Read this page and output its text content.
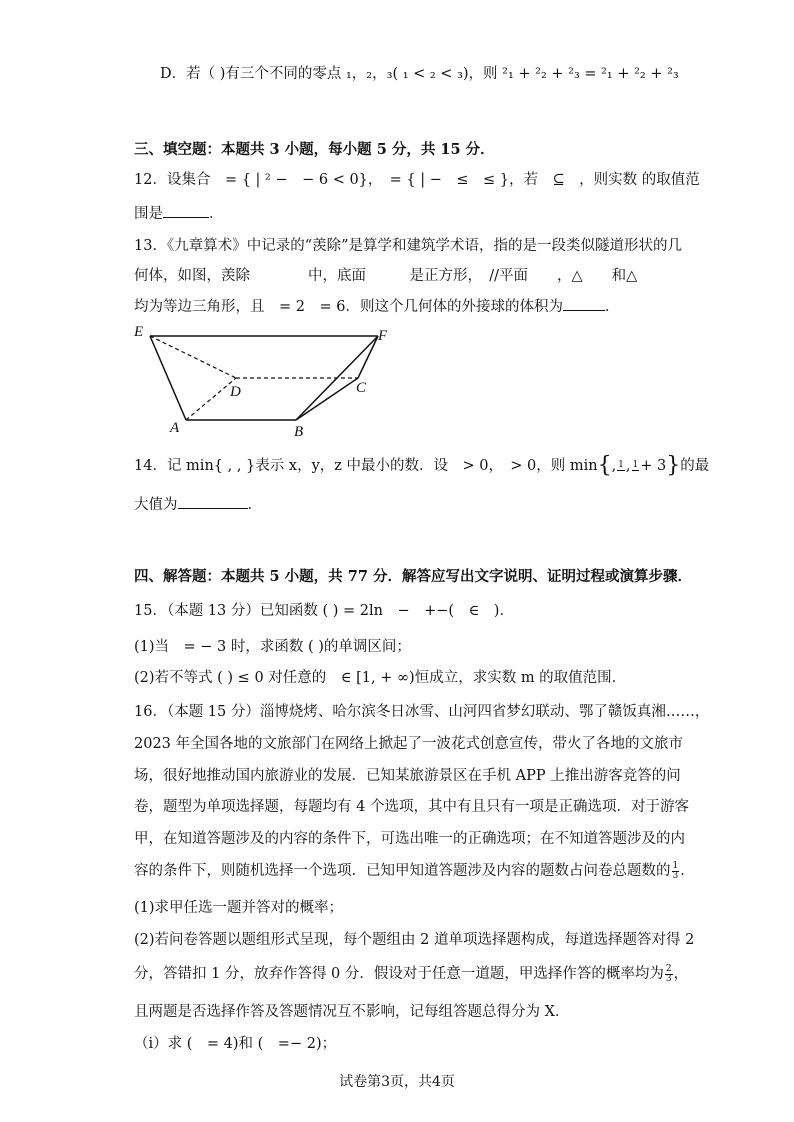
D．若（ )有三个不同的零点 ₁，₂，₃( ₁ < ₂ < ₃)，则 ²₁ + ²₂ + ²₃ = ²₁ + ²₂ + ²₃
三、填空题：本题共 3 小题，每小题 5 分，共 15 分．
12．设集合　= { | ² −　− 6 < 0}，　= { | −　≤　≤ }，若　⊆　，则实数 的取值范
围是	．
13．《九章算术》中记录的“羡除”是算学和建筑学术语，指的是一段类似隧道形状的几
何体，如图，羡除　　　　中，底面　　　是正方形，　//平面　　，△　　和△
均为等边三角形，且　= 2　= 6．则这个几何体的外接球的体积为	．
E	F
D	C
A	B
14．记 min{ , , }表示 x，y，z 中最小的数．设　> 0，　> 0，则 min{, 1 , 1 + 3}的最
大值为	．
四、解答题：本题共 5 小题，共 77 分．解答应写出文字说明、证明过程或演算步骤．
15．（本题 13 分）已知函数 ( ) = 2ln　−　+−(　∈　)．
(1)当　= − 3 时，求函数 ( )的单调区间；
(2)若不等式 ( ) ≤ 0 对任意的　∈ [1, + ∞)恒成立，求实数 m 的取值范围．
16．（本题 15 分）淄博烧烤、哈尔滨冬日冰雪、山河四省梦幻联动、鄂了赣饭真湘……，
2023 年全国各地的文旅部门在网络上掀起了一波花式创意宣传，带火了各地的文旅市
场，很好地推动国内旅游业的发展．已知某旅游景区在手机 APP 上推出游客竞答的问
卷，题型为单项选择题，每题均有 4 个选项，其中有且只有一项是正确选项．对于游客
甲，在知道答题涉及的内容的条件下，可选出唯一的正确选项；在不知道答题涉及的内
容的条件下，则随机选择一个选项．已知甲知道答题涉及内容的题数占问卷总题数的 $\frac{1}{3}$ ．
(1)求甲任选一题并答对的概率；
(2)若问卷答题以题组形式呈现，每个题组由 2 道单项选择题构成，每道选择题答对得 2
分，答错扣 1 分，放弃作答得 0 分．假设对于任意一道题，甲选择作答的概率均为 $\frac{2}{3}$ ，
且两题是否选择作答及答题情况互不影响，记每组答题总得分为 X．
（i）求 (　= 4)和 (　=− 2)；
试卷第3页，共4页
